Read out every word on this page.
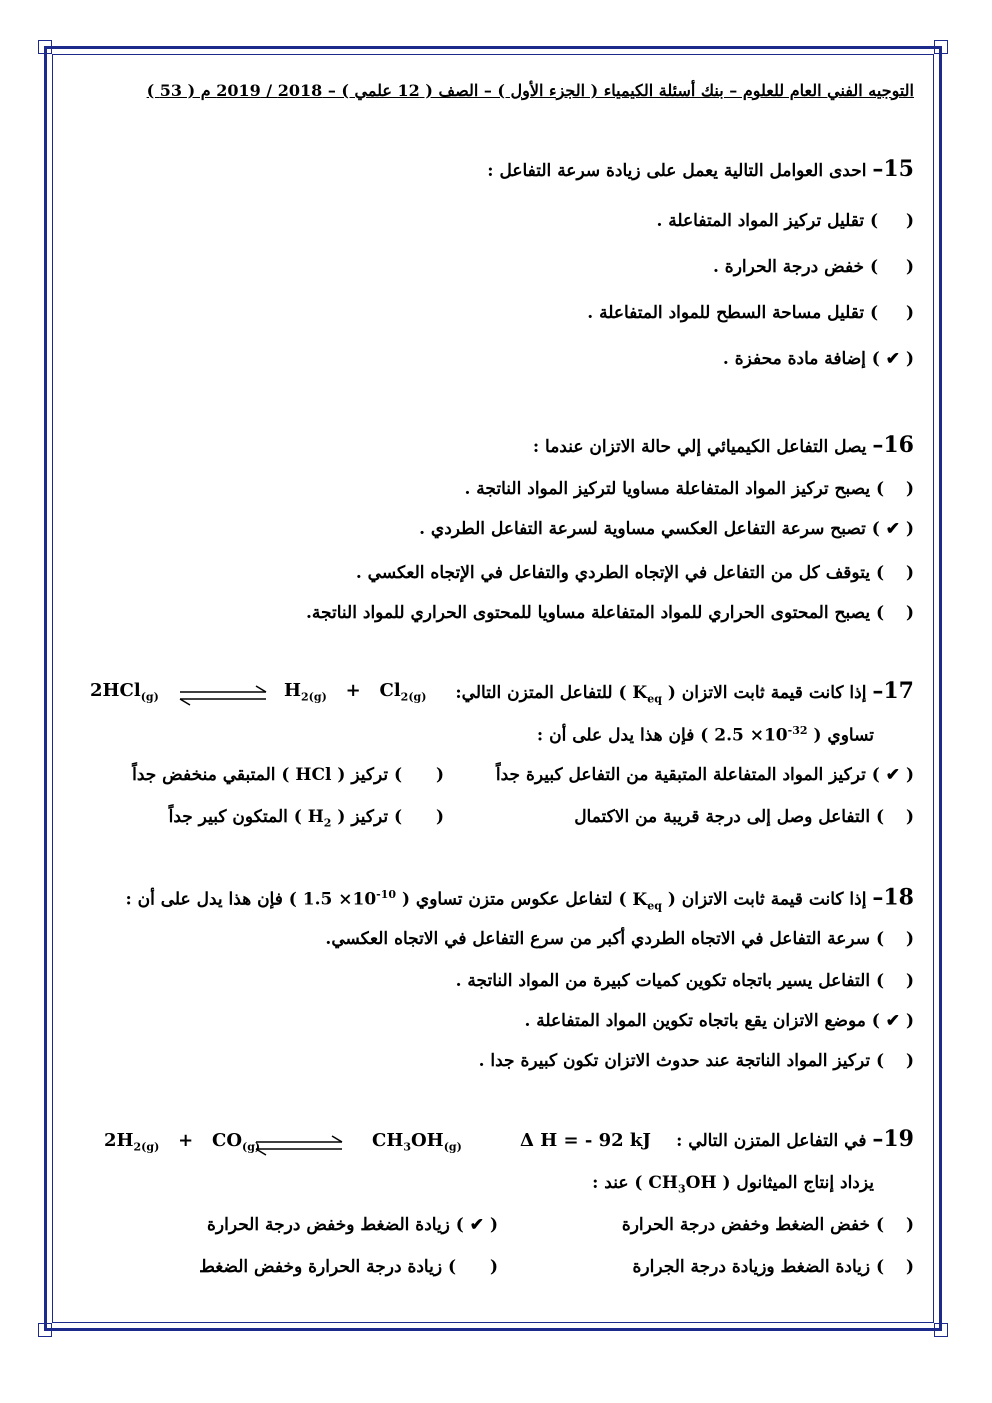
التوجيه الفني العام للعلوم – بنك أسئلة الكيمياء ( الجزء الأول ) – الصف ( 12 علمي ) – 2018 / 2019 م ( 53 )
15– احدى العوامل التالية يعمل على زيادة سرعة التفاعل :
( ) تقليل تركيز المواد المتفاعلة .
( ) خفض درجة الحرارة .
( ) تقليل مساحة السطح للمواد المتفاعلة .
( ✔ ) إضافة مادة محفزة .
16– يصل التفاعل الكيميائي إلي حالة الاتزان عندما :
( ) يصبح تركيز المواد المتفاعلة مساويا لتركيز المواد الناتجة .
( ✔ ) تصبح سرعة التفاعل العكسي مساوية لسرعة التفاعل الطردي .
( ) يتوقف كل من التفاعل في الإتجاه الطردي والتفاعل في الإتجاه العكسي .
( ) يصبح المحتوى الحراري للمواد المتفاعلة مساويا للمحتوى الحراري للمواد الناتجة.
17– إذا كانت قيمة ثابت الاتزان ( $K_{eq}$ ) للتفاعل المتزن التالي:
2HCl$_{(g)}$	$H_{2(g)} + Cl_{2(g)}$
تساوي ( $2.5 \times 10^{-32}$ ) فإن هذا يدل على أن :
( ✔ ) تركيز المواد المتفاعلة المتبقية من التفاعل كبيرة جداً
( ) تركيز ( HCl ) المتبقي منخفض جداً
( ) التفاعل وصل إلى درجة قريبة من الاكتمال
( ) تركيز ( $H_2$ ) المتكون كبير جداً
18– إذا كانت قيمة ثابت الاتزان ( $K_{eq}$ ) لتفاعل عكوس متزن تساوي ( $1.5 \times 10^{-10}$ ) فإن هذا يدل على أن :
( ) سرعة التفاعل في الاتجاه الطردي أكبر من سرع التفاعل في الاتجاه العكسي.
( ) التفاعل يسير باتجاه تكوين كميات كبيرة من المواد الناتجة .
( ✔ ) موضع الاتزان يقع باتجاه تكوين المواد المتفاعلة .
( ) تركيز المواد الناتجة عند حدوث الاتزان تكون كبيرة جدا .
19– في التفاعل المتزن التالي :
Δ H = - 92 kJ
$2H_{2(g)} + CO_{(g)}$	$CH_3OH_{(g)}$
يزداد إنتاج الميثانول ( $CH_3OH$ ) عند :
( ) خفض الضغط وخفض درجة الحرارة
( ✔ ) زيادة الضغط وخفض درجة الحرارة
( ) زيادة الضغط وزيادة درجة الجرارة
( ) زيادة درجة الحرارة وخفض الضغط
